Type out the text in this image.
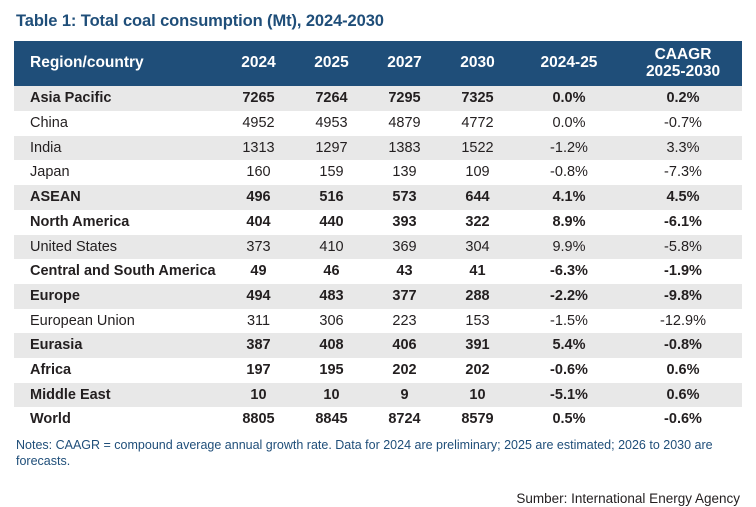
Table 1: Total coal consumption (Mt), 2024-2030
Region/country	2024	2025	2027	2030	2024-25	CAAGR
2025-2030

Asia Pacific	7265	7264	7295	7325	0.0%	0.2%
China	4952	4953	4879	4772	0.0%	-0.7%
India	1313	1297	1383	1522	-1.2%	3.3%
Japan	160	159	139	109	-0.8%	-7.3%
ASEAN	496	516	573	644	4.1%	4.5%
North America	404	440	393	322	8.9%	-6.1%
United States	373	410	369	304	9.9%	-5.8%
Central and South America	49	46	43	41	-6.3%	-1.9%
Europe	494	483	377	288	-2.2%	-9.8%
European Union	311	306	223	153	-1.5%	-12.9%
Eurasia	387	408	406	391	5.4%	-0.8%
Africa	197	195	202	202	-0.6%	0.6%
Middle East	10	10	9	10	-5.1%	0.6%
World	8805	8845	8724	8579	0.5%	-0.6%
Notes: CAAGR = compound average annual growth rate. Data for 2024 are preliminary; 2025 are estimated; 2026 to 2030 are forecasts.
Sumber: International Energy Agency
